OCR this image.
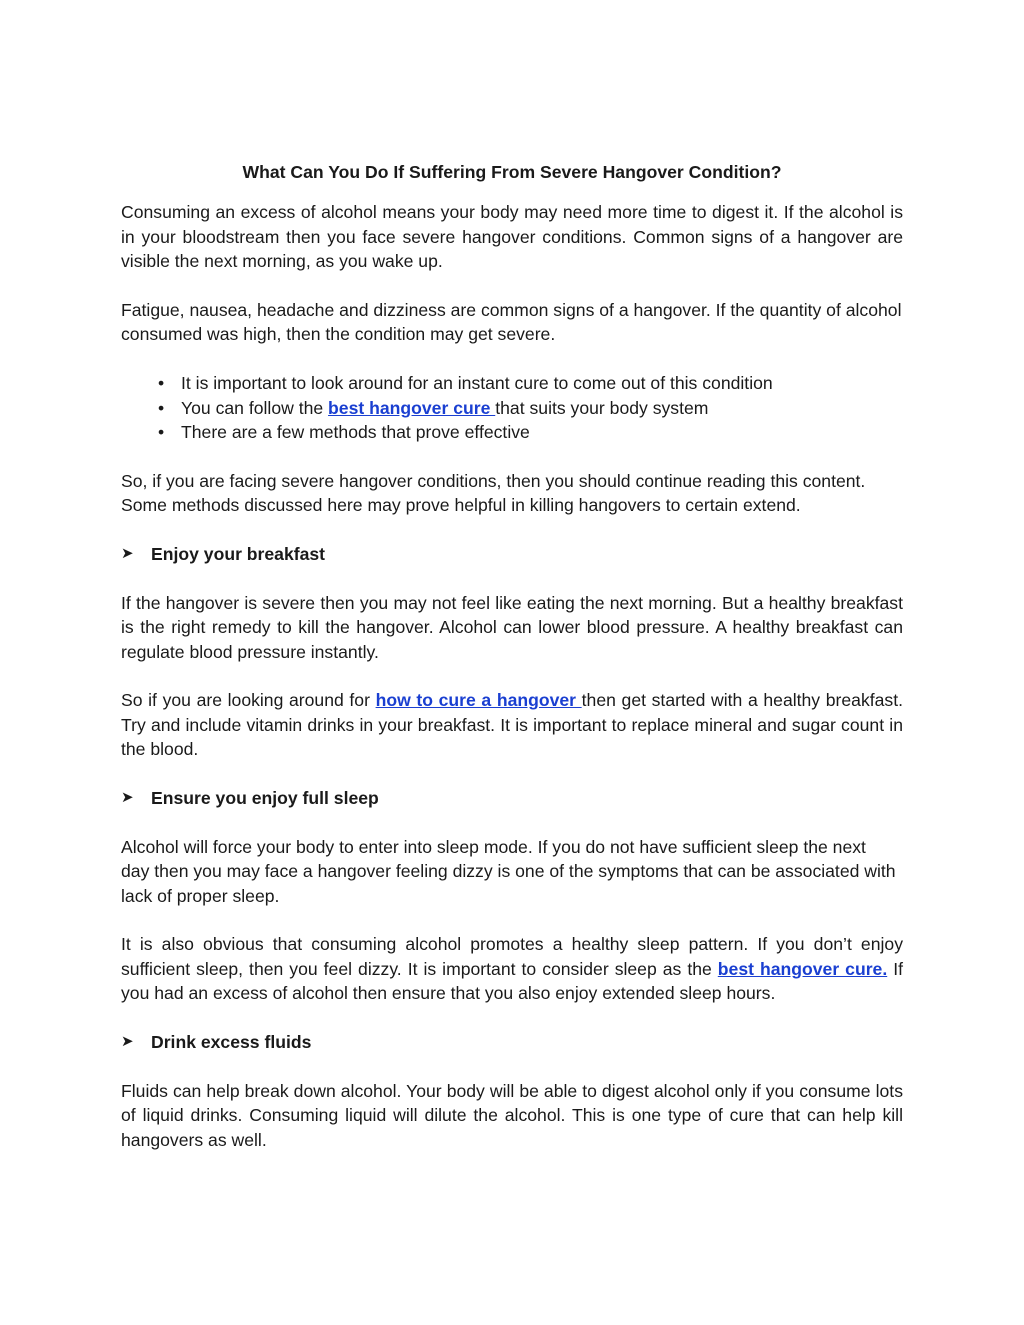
What Can You Do If Suffering From Severe Hangover Condition?

Consuming an excess of alcohol means your body may need more time to digest it. If the alcohol is in your bloodstream then you face severe hangover conditions. Common signs of a hangover are visible the next morning, as you wake up.

Fatigue, nausea, headache and dizziness are common signs of a hangover. If the quantity of alcohol consumed was high, then the condition may get severe.

• It is important to look around for an instant cure to come out of this condition
• You can follow the best hangover cure that suits your body system
• There are a few methods that prove effective

So, if you are facing severe hangover conditions, then you should continue reading this content. Some methods discussed here may prove helpful in killing hangovers to certain extend.

➤ Enjoy your breakfast

If the hangover is severe then you may not feel like eating the next morning. But a healthy breakfast is the right remedy to kill the hangover. Alcohol can lower blood pressure. A healthy breakfast can regulate blood pressure instantly.

So if you are looking around for how to cure a hangover then get started with a healthy breakfast. Try and include vitamin drinks in your breakfast. It is important to replace mineral and sugar count in the blood.

➤ Ensure you enjoy full sleep

Alcohol will force your body to enter into sleep mode. If you do not have sufficient sleep the next
day then you may face a hangover feeling dizzy is one of the symptoms that can be associated with lack of proper sleep.

It is also obvious that consuming alcohol promotes a healthy sleep pattern. If you don’t enjoy sufficient sleep, then you feel dizzy. It is important to consider sleep as the best hangover cure. If you had an excess of alcohol then ensure that you also enjoy extended sleep hours.

➤ Drink excess fluids

Fluids can help break down alcohol. Your body will be able to digest alcohol only if you consume lots of liquid drinks. Consuming liquid will dilute the alcohol. This is one type of cure that can help kill hangovers as well.
